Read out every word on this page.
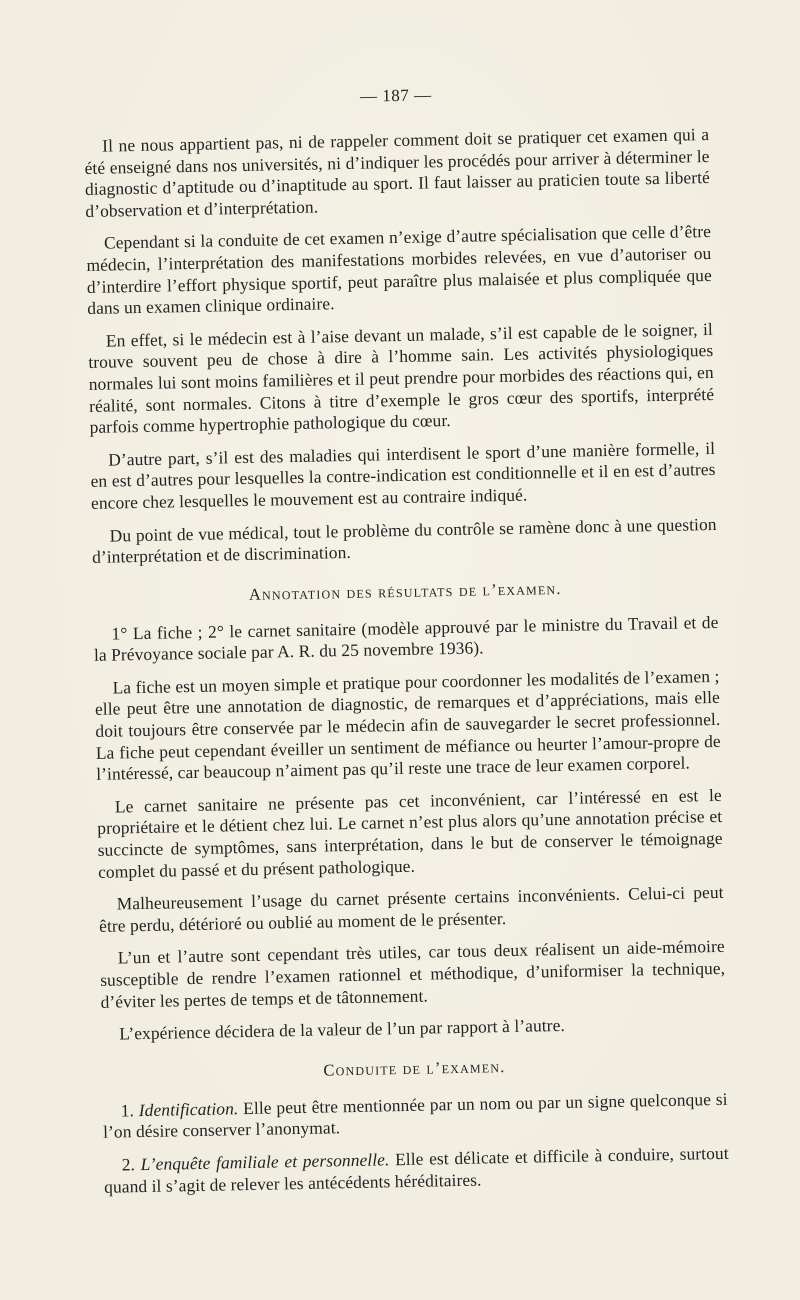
— 187 —

Il ne nous appartient pas, ni de rappeler comment doit se pratiquer cet examen qui a été enseigné dans nos universités, ni d’indiquer les procédés pour arriver à déterminer le diagnostic d’aptitude ou d’inaptitude au sport. Il faut laisser au praticien toute sa liberté d’observation et d’interprétation.

Cependant si la conduite de cet examen n’exige d’autre spécialisation que celle d’être médecin, l’interprétation des manifestations morbides relevées, en vue d’autoriser ou d’interdire l’effort physique sportif, peut paraître plus malaisée et plus compliquée que dans un examen clinique ordinaire.

En effet, si le médecin est à l’aise devant un malade, s’il est capable de le soigner, il trouve souvent peu de chose à dire à l’homme sain. Les activités physiologiques normales lui sont moins familières et il peut prendre pour morbides des réactions qui, en réalité, sont normales. Citons à titre d’exemple le gros cœur des sportifs, interprété parfois comme hypertrophie pathologique du cœur.

D’autre part, s’il est des maladies qui interdisent le sport d’une manière formelle, il en est d’autres pour lesquelles la contre-indication est conditionnelle et il en est d’autres encore chez lesquelles le mouvement est au contraire indiqué.

Du point de vue médical, tout le problème du contrôle se ramène donc à une question d’interprétation et de discrimination.

Annotation des résultats de l’examen.

1° La fiche ; 2° le carnet sanitaire (modèle approuvé par le ministre du Travail et de la Prévoyance sociale par A. R. du 25 novembre 1936).

La fiche est un moyen simple et pratique pour coordonner les modalités de l’examen ; elle peut être une annotation de diagnostic, de remarques et d’appréciations, mais elle doit toujours être conservée par le médecin afin de sauvegarder le secret professionnel. La fiche peut cependant éveiller un sentiment de méfiance ou heurter l’amour-propre de l’intéressé, car beaucoup n’aiment pas qu’il reste une trace de leur examen corporel.

Le carnet sanitaire ne présente pas cet inconvénient, car l’intéressé en est le propriétaire et le détient chez lui. Le carnet n’est plus alors qu’une annotation précise et succincte de symptômes, sans interprétation, dans le but de conserver le témoignage complet du passé et du présent pathologique.

Malheureusement l’usage du carnet présente certains inconvénients. Celui-ci peut être perdu, détérioré ou oublié au moment de le présenter.

L’un et l’autre sont cependant très utiles, car tous deux réalisent un aide-mémoire susceptible de rendre l’examen rationnel et méthodique, d’uniformiser la technique, d’éviter les pertes de temps et de tâtonnement.

L’expérience décidera de la valeur de l’un par rapport à l’autre.

Conduite de l’examen.

1. Identification. Elle peut être mentionnée par un nom ou par un signe quelconque si l’on désire conserver l’anonymat.

2. L’enquête familiale et personnelle. Elle est délicate et difficile à conduire, surtout quand il s’agit de relever les antécédents héréditaires.
